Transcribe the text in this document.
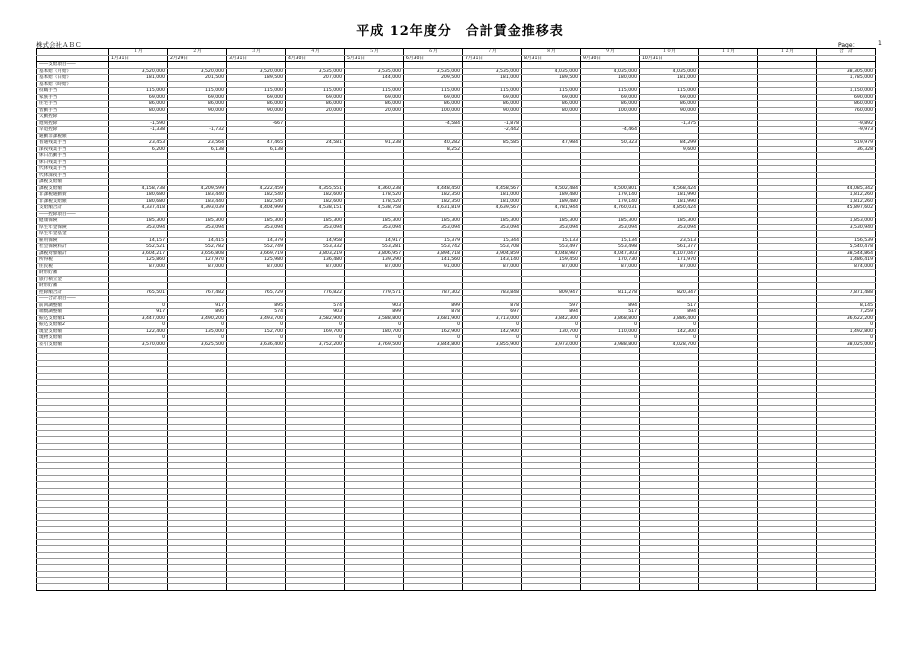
平成 12年度分　合計賃金推移表
株式会社ＡＢＣ	Page：	1
	１月	２月	３月	４月	５月	６月	７月	８月	９月	１０月	１１月	１２月	合　計
	1月31日	2月29日	3月31日	4月30日	5月31日	6月30日	7月31日	8月31日	9月30日	10月31日			
――支給項目――													
基本給（月給）	3,520,000	3,520,000	3,520,000	3,535,000	3,535,000	3,535,000	3,535,000	4,035,000	4,035,000	4,035,000			38,305,000
基本給（日給）	181,000	201,500	189,500	207,000	144,000	209,500	181,000	189,500	180,000	181,000			1,785,000
基本給（時給）													
役職手当	115,000	115,000	115,000	115,000	115,000	115,000	115,000	115,000	115,000	115,000			1,150,000
家族手当	69,000	69,000	69,000	69,000	69,000	69,000	69,000	69,000	69,000	69,000			690,000
住宅手当	86,000	86,000	86,000	86,000	86,000	86,000	86,000	86,000	86,000	86,000			860,000
皆勤手当	80,000	90,000	90,000	20,000	20,000	100,000	90,000	80,000	100,000	90,000			760,000
欠勤控除													
遅刻控除	-1,590		-667			-4,584	-1,878			-1,375			-9,892
早退控除	-1,338	-1,732					-2,442		-4,464				-9,973
通勤非課税額													
普通残業手当	23,453	23,564	47,465	24,581	91,238	40,282	85,585	47,984	50,323	84,299			519,979
深夜残業手当	6,200	6,138	6,138			8,252				9,600			36,328
休日出勤手当													
休日残業手当													
代休残業手当													
代休深夜手当													
課税支給額													
課税支給額	4,158,738	4,209,599	4,222,459	4,355,551	4,360,238	4,448,450	4,458,567	4,502,484	4,500,801	4,568,424			44,085,342
非課税通勤費	180,680	183,440	182,540	182,600	178,520	182,350	181,000	189,480	179,140	181,990			1,812,260
非課税支給額	180,680	183,440	182,540	182,600	178,520	182,350	181,000	189,480	179,140	181,990			1,812,260
支給額合計	4,337,418	4,393,039	4,404,999	4,538,151	4,538,758	4,631,819	4,639,567	4,781,944	4,760,031	4,850,424			45,897,602
――控除項目――													
健康保険	185,300	185,300	185,300	185,300	185,300	185,300	185,300	185,300	185,300	185,300			1,853,000
厚生年金保険	353,094	353,094	353,094	353,094	353,094	353,094	353,094	353,094	353,094	353,094			3,530,940
厚生年金基金													
雇用保険	14,157	14,415	14,379	14,958	14,917	15,379	15,344	15,133	15,134	23,513			156,539
社会保険料計	552,521	552,782	552,749	553,332	553,281	553,742	553,708	553,497	553,498	561,377			5,540,478
課税対象額計	3,604,217	3,656,808	3,669,719	3,803,219	3,806,957	3,894,718	3,904,859	4,048,987	4,047,303	4,107,047			38,544,864
所得税	125,860	127,970	125,980	136,480	139,290	141,560	143,140	159,450	170,730	171,970			1,486,419
住民税	87,000	87,000	87,000	87,000	87,000	91,000	87,000	87,000	87,000	87,000			874,000
財形貯蓄													
旅行積立金													
財形貯蓄													
控除額合計	765,501	767,482	765,729	776,822	779,571	787,302	783,848	809,947	811,278	820,347			7,871,488
――合計項目――													
前回調整額	0	917	895	574	903	899	878	597	894	517			8,145
端数調整額	917	895	574	903	899	878	697	894	517	894			7,259
振込支給額1	3,447,000	3,490,200	3,493,700	3,582,900	3,588,800	3,681,900	3,713,000	3,842,300	3,868,800	3,886,400			36,622,200
振込支給額2	0	0	0	0	0	0	0	0	0	0			0
現金支給額	122,400	135,000	152,700	169,700	180,700	162,900	142,900	130,700	110,000	142,300			1,492,800
現物支給額	0	0	0	0	0	0	0	0	0	0			0
差引支給額	3,570,000	3,625,500	3,636,400	3,752,200	3,769,500	3,844,800	3,855,900	3,973,000	3,988,800	4,028,700			38,025,000
